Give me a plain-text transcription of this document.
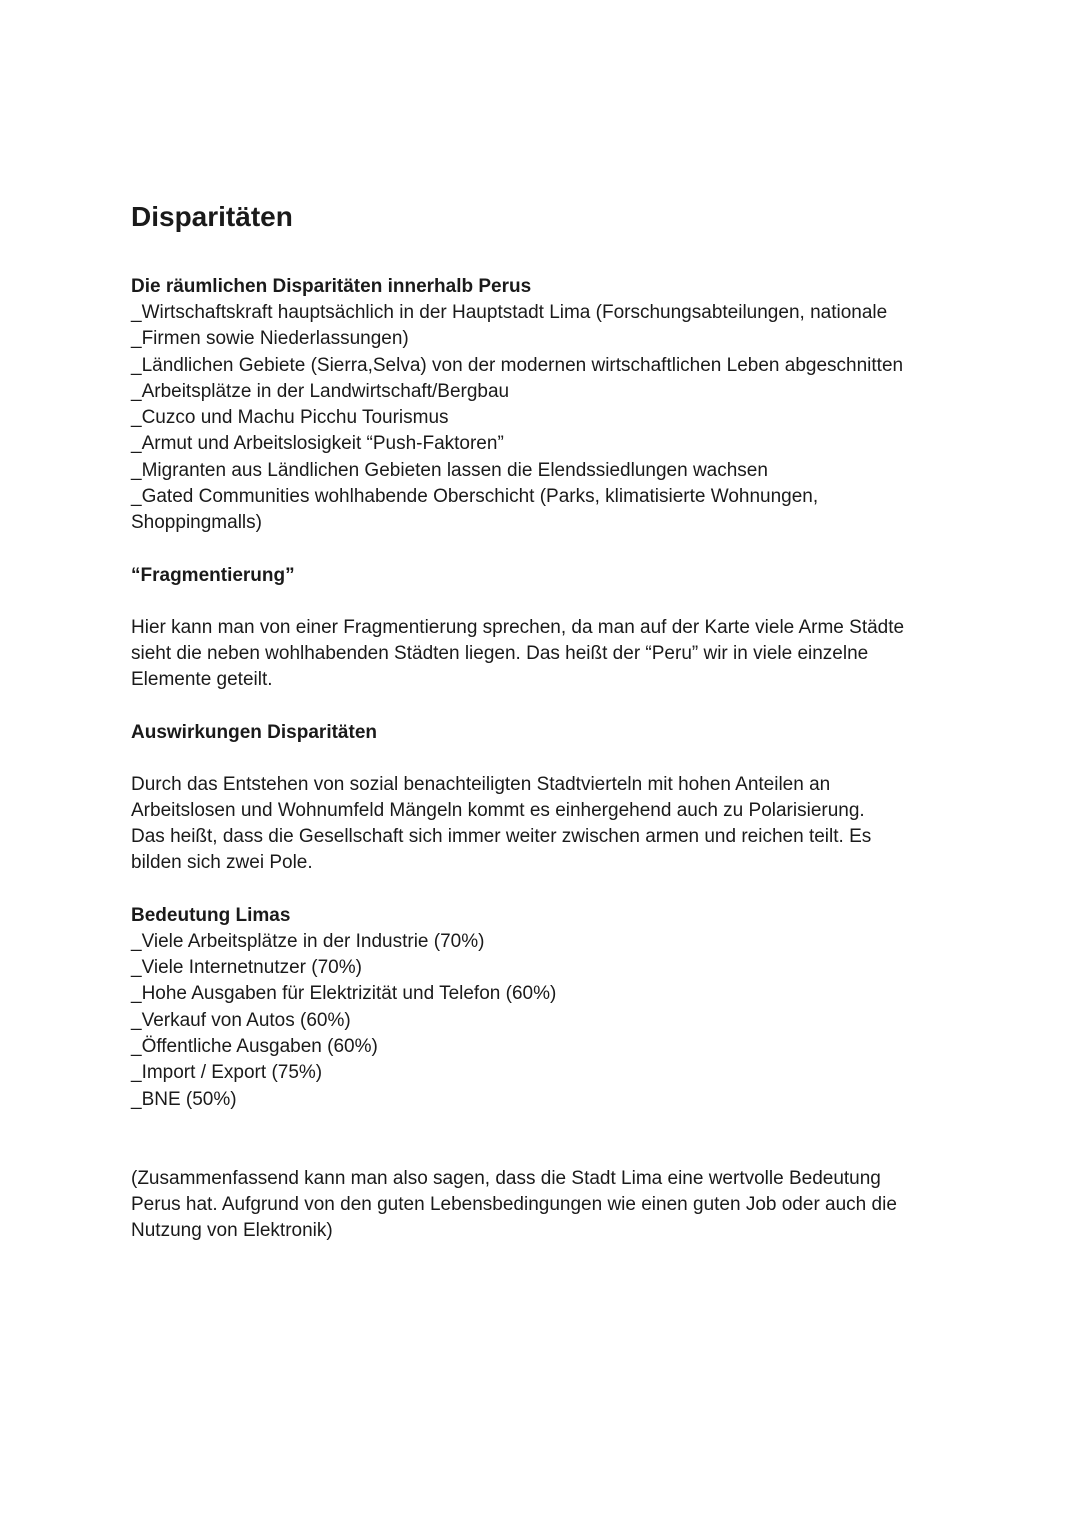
Disparitäten
Die räumlichen Disparitäten innerhalb Perus
_Wirtschaftskraft hauptsächlich in der Hauptstadt Lima (Forschungsabteilungen, nationale
_Firmen sowie Niederlassungen)
_Ländlichen Gebiete (Sierra,Selva) von der modernen wirtschaftlichen Leben abgeschnitten
_Arbeitsplätze in der Landwirtschaft/Bergbau
_Cuzco und Machu Picchu Tourismus
_Armut und Arbeitslosigkeit “Push-Faktoren”
_Migranten aus Ländlichen Gebieten lassen die Elendssiedlungen wachsen
_Gated Communities wohlhabende Oberschicht (Parks, klimatisierte Wohnungen,
Shoppingmalls)
“Fragmentierung”

Hier kann man von einer Fragmentierung sprechen, da man auf der Karte viele Arme Städte

sieht die neben wohlhabenden Städten liegen. Das heißt der “Peru” wir in viele einzelne

Elemente geteilt.

Auswirkungen Disparitäten

Durch das Entstehen von sozial benachteiligten Stadtvierteln mit hohen Anteilen an

Arbeitslosen und Wohnumfeld Mängeln kommt es einhergehend auch zu Polarisierung.

Das heißt, dass die Gesellschaft sich immer weiter zwischen armen und reichen teilt. Es

bilden sich zwei Pole.

Bedeutung Limas
_Viele Arbeitsplätze in der Industrie (70%)
_Viele Internetnutzer (70%)
_Hohe Ausgaben für Elektrizität und Telefon (60%)
_Verkauf von Autos (60%)
_Öffentliche Ausgaben (60%)
_Import / Export (75%)
_BNE (50%)

(Zusammenfassend kann man also sagen, dass die Stadt Lima eine wertvolle Bedeutung

Perus hat. Aufgrund von den guten Lebensbedingungen wie einen guten Job oder auch die

Nutzung von Elektronik)
